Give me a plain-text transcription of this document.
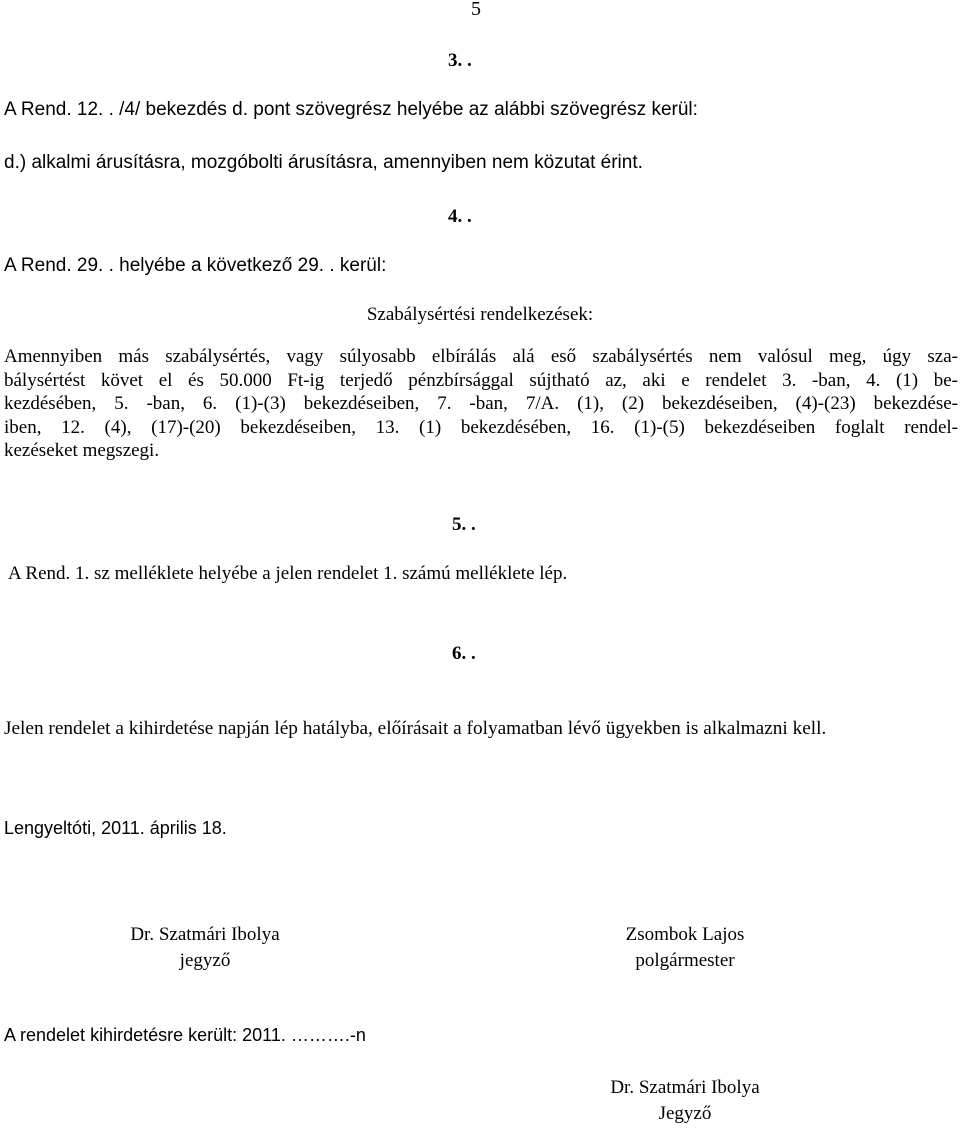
5
3. .
A Rend. 12. . /4/ bekezdés d. pont szövegrész helyébe az alábbi szövegrész kerül:
d.) alkalmi árusításra, mozgóbolti árusításra, amennyiben nem közutat érint.
4. .
A Rend. 29. . helyébe a következő 29. . kerül:
Szabálysértési rendelkezések:
Amennyiben más szabálysértés, vagy súlyosabb elbírálás alá eső szabálysértés nem valósul meg, úgy sza-
bálysértést követ el és 50.000 Ft-ig terjedő pénzbírsággal sújtható az, aki e rendelet 3. -ban, 4. (1) be-
kezdésében, 5. -ban, 6. (1)-(3) bekezdéseiben, 7. -ban, 7/A. (1), (2) bekezdéseiben, (4)-(23) bekezdése-
iben, 12. (4), (17)-(20) bekezdéseiben, 13. (1) bekezdésében, 16. (1)-(5) bekezdéseiben foglalt rendel-
kezéseket megszegi.
5. .
A Rend. 1. sz melléklete helyébe a jelen rendelet 1. számú melléklete lép.
6. .
Jelen rendelet a kihirdetése napján lép hatályba, előírásait a folyamatban lévő ügyekben is alkalmazni kell.
Lengyeltóti, 2011. április 18.
Dr. Szatmári Ibolya
jegyző
Zsombok Lajos
polgármester
A rendelet kihirdetésre került: 2011. ……….-n
Dr. Szatmári Ibolya
Jegyző
